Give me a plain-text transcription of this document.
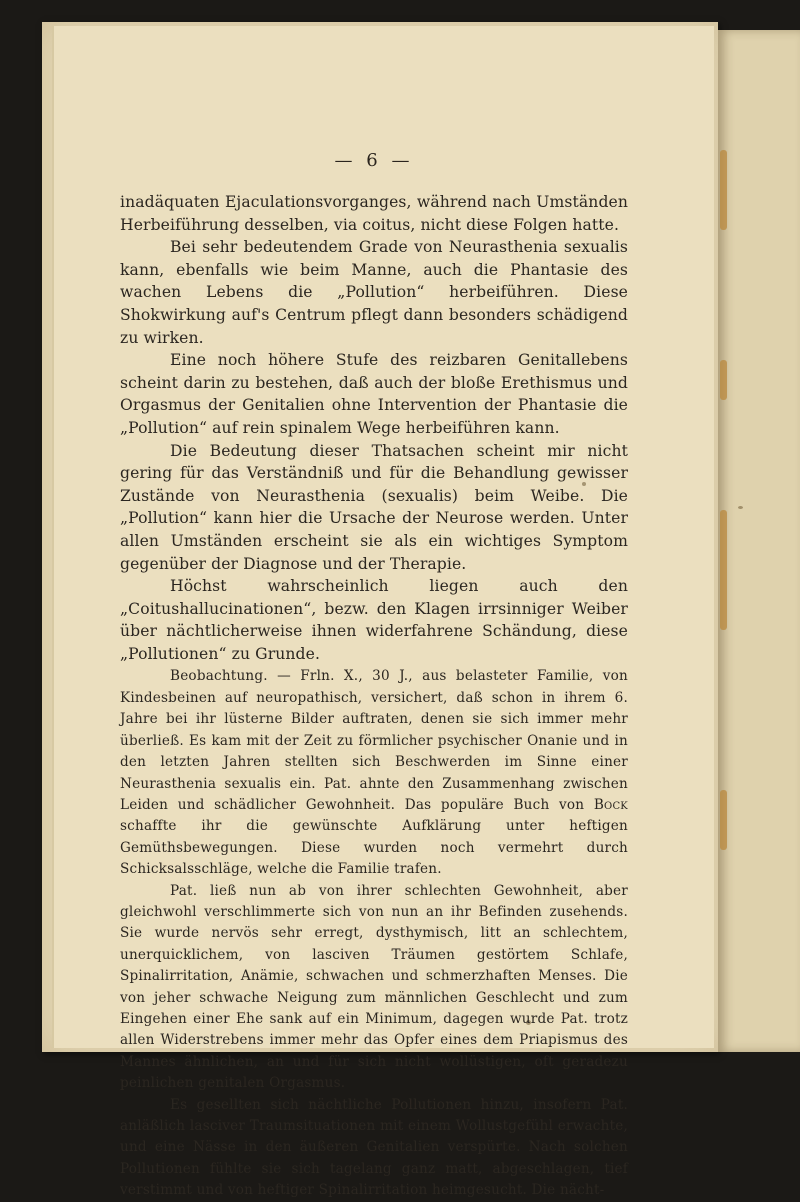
— 6 —

inadäquaten Ejaculationsvorganges, während nach Umständen Herbeiführung desselben, via coitus, nicht diese Folgen hatte.

Bei sehr bedeutendem Grade von Neurasthenia sexualis kann, ebenfalls wie beim Manne, auch die Phantasie des wachen Lebens die „Pollution“ herbeiführen. Diese Shokwirkung auf's Centrum pflegt dann besonders schädigend zu wirken.

Eine noch höhere Stufe des reizbaren Genitallebens scheint darin zu bestehen, daß auch der bloße Erethismus und Orgasmus der Genitalien ohne Intervention der Phantasie die „Pollution“ auf rein spinalem Wege herbeiführen kann.

Die Bedeutung dieser Thatsachen scheint mir nicht gering für das Verständniß und für die Behandlung gewisser Zustände von Neurasthenia (sexualis) beim Weibe. Die „Pollution“ kann hier die Ursache der Neurose werden. Unter allen Umständen erscheint sie als ein wichtiges Symptom gegenüber der Diagnose und der Therapie.

Höchst wahrscheinlich liegen auch den „Coitushallucinationen“, bezw. den Klagen irrsinniger Weiber über nächtlicherweise ihnen widerfahrene Schändung, diese „Pollutionen“ zu Grunde.

Beobachtung. — Frln. X., 30 J., aus belasteter Familie, von Kindesbeinen auf neuropathisch, versichert, daß schon in ihrem 6. Jahre bei ihr lüsterne Bilder auftraten, denen sie sich immer mehr überließ. Es kam mit der Zeit zu förmlicher psychischer Onanie und in den letzten Jahren stellten sich Beschwerden im Sinne einer Neurasthenia sexualis ein. Pat. ahnte den Zusammenhang zwischen Leiden und schädlicher Gewohnheit. Das populäre Buch von Bock schaffte ihr die gewünschte Aufklärung unter heftigen Gemüthsbewegungen. Diese wurden noch vermehrt durch Schicksalsschläge, welche die Familie trafen.

Pat. ließ nun ab von ihrer schlechten Gewohnheit, aber gleichwohl verschlimmerte sich von nun an ihr Befinden zusehends. Sie wurde nervös sehr erregt, dysthymisch, litt an schlechtem, unerquicklichem, von lasciven Träumen gestörtem Schlafe, Spinalirritation, Anämie, schwachen und schmerzhaften Menses. Die von jeher schwache Neigung zum männlichen Geschlecht und zum Eingehen einer Ehe sank auf ein Minimum, dagegen wurde Pat. trotz allen Widerstrebens immer mehr das Opfer eines dem Priapismus des Mannes ähnlichen, an und für sich nicht wollüstigen, oft geradezu peinlichen genitalen Orgasmus.

Es gesellten sich nächtliche Pollutionen hinzu, insofern Pat. anläßlich lasciver Traumsituationen mit einem Wollustgefühl erwachte, und eine Nässe in den äußeren Genitalien verspürte. Nach solchen Pollutionen fühlte sie sich tagelang ganz matt, abgeschlagen, tief verstimmt und von heftiger Spinalirritation heimgesucht. Die nächt-
